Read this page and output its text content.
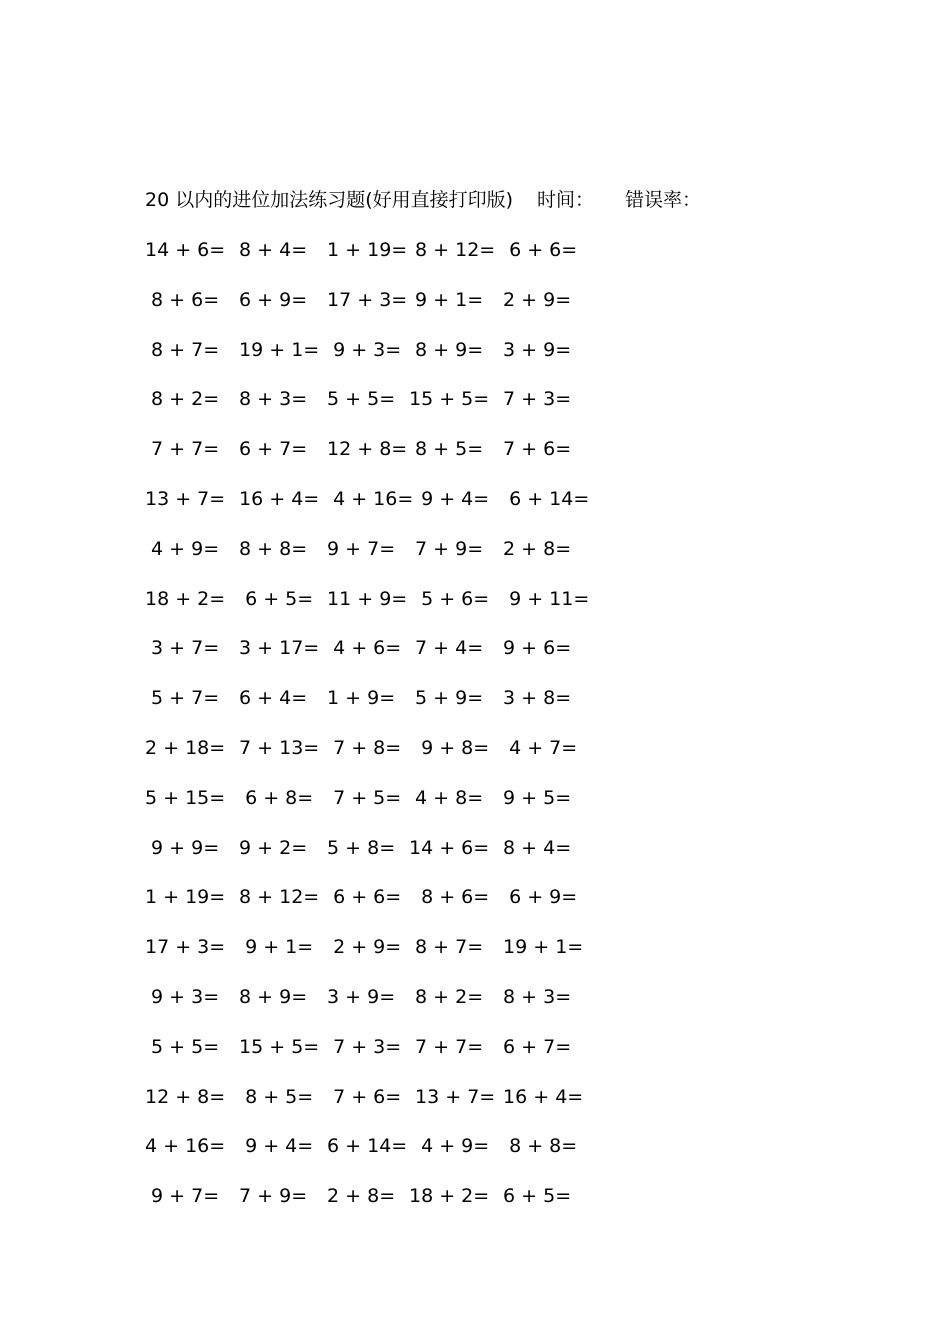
20 以内的进位加法练习题(好用直接打印版) 时间： 错误率：
14 + 6= 8 + 4= 1 + 19= 8 + 12= 6 + 6=
8 + 6= 6 + 9= 17 + 3= 9 + 1= 2 + 9=
8 + 7= 19 + 1= 9 + 3= 8 + 9= 3 + 9=
8 + 2= 8 + 3= 5 + 5= 15 + 5= 7 + 3=
7 + 7= 6 + 7= 12 + 8= 8 + 5= 7 + 6=
13 + 7= 16 + 4= 4 + 16=
9 + 4= 6 + 14=
4 + 9= 8 + 8= 9 + 7= 7 + 9= 2 + 8=
18 + 2= 6 + 5= 11 + 9= 5 + 6= 9 + 11=
3 + 7= 3 + 17= 4 + 6= 7 + 4= 9 + 6=
5 + 7= 6 + 4= 1 + 9= 5 + 9= 3 + 8=
2 + 18= 7 + 13= 7 + 8= 9 + 8= 4 + 7=
5 + 15= 6 + 8= 7 + 5= 4 + 8= 9 + 5=
9 + 9= 9 + 2= 5 + 8= 14 + 6= 8 + 4=
1 + 19= 8 + 12= 6 + 6= 8 + 6= 6 + 9=
17 + 3= 9 + 1= 2 + 9= 8 + 7= 19 + 1=
9 + 3= 8 + 9= 3 + 9= 8 + 2= 8 + 3=
5 + 5= 15 + 5= 7 + 3= 7 + 7= 6 + 7=
12 + 8= 8 + 5= 7 + 6= 13 + 7= 16 + 4=
4 + 16= 9 + 4= 6 + 14= 4 + 9= 8 + 8=
9 + 7= 7 + 9= 2 + 8= 18 + 2= 6 + 5=
